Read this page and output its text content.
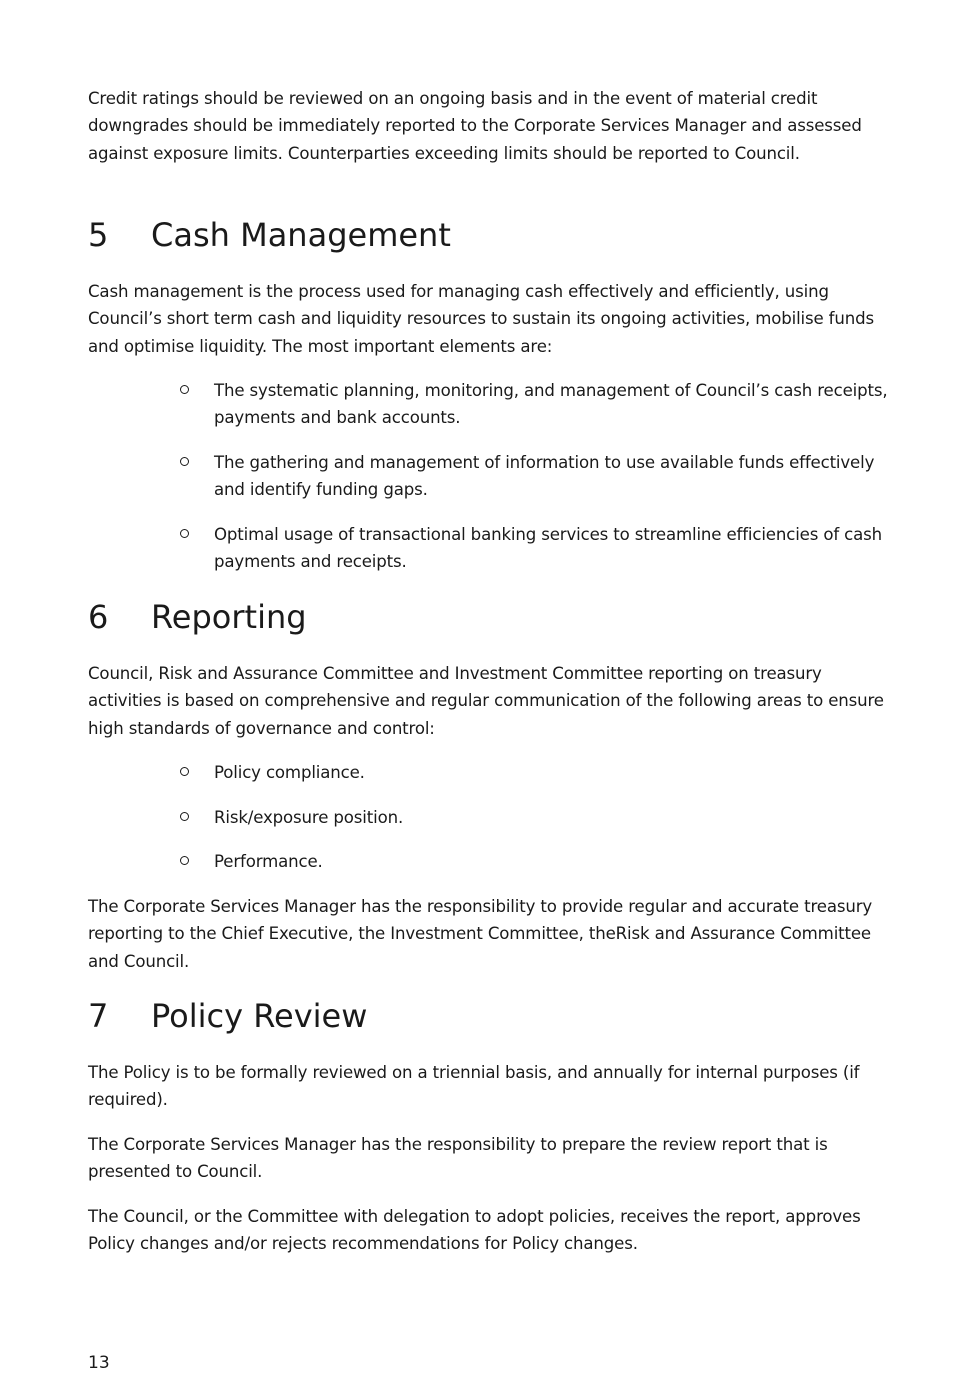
Credit ratings should be reviewed on an ongoing basis and in the event of material credit downgrades should be immediately reported to the Corporate Services Manager and assessed against exposure limits. Counterparties exceeding limits should be reported to Council.

5 Cash Management

Cash management is the process used for managing cash effectively and efficiently, using Council’s short term cash and liquidity resources to sustain its ongoing activities, mobilise funds and optimise liquidity. The most important elements are:

The systematic planning, monitoring, and management of Council’s cash receipts, payments and bank accounts.
The gathering and management of information to use available funds effectively and identify funding gaps.
Optimal usage of transactional banking services to streamline efficiencies of cash payments and receipts.
6 Reporting

Council, Risk and Assurance Committee and Investment Committee reporting on treasury activities is based on comprehensive and regular communication of the following areas to ensure high standards of governance and control:

Policy compliance.
Risk/exposure position.
Performance.

The Corporate Services Manager has the responsibility to provide regular and accurate treasury reporting to the Chief Executive, the Investment Committee, theRisk and Assurance Committee and Council.

7 Policy Review

The Policy is to be formally reviewed on a triennial basis, and annually for internal purposes (if required).

The Corporate Services Manager has the responsibility to prepare the review report that is presented to Council.

The Council, or the Committee with delegation to adopt policies, receives the report, approves Policy changes and/or rejects recommendations for Policy changes.

13
